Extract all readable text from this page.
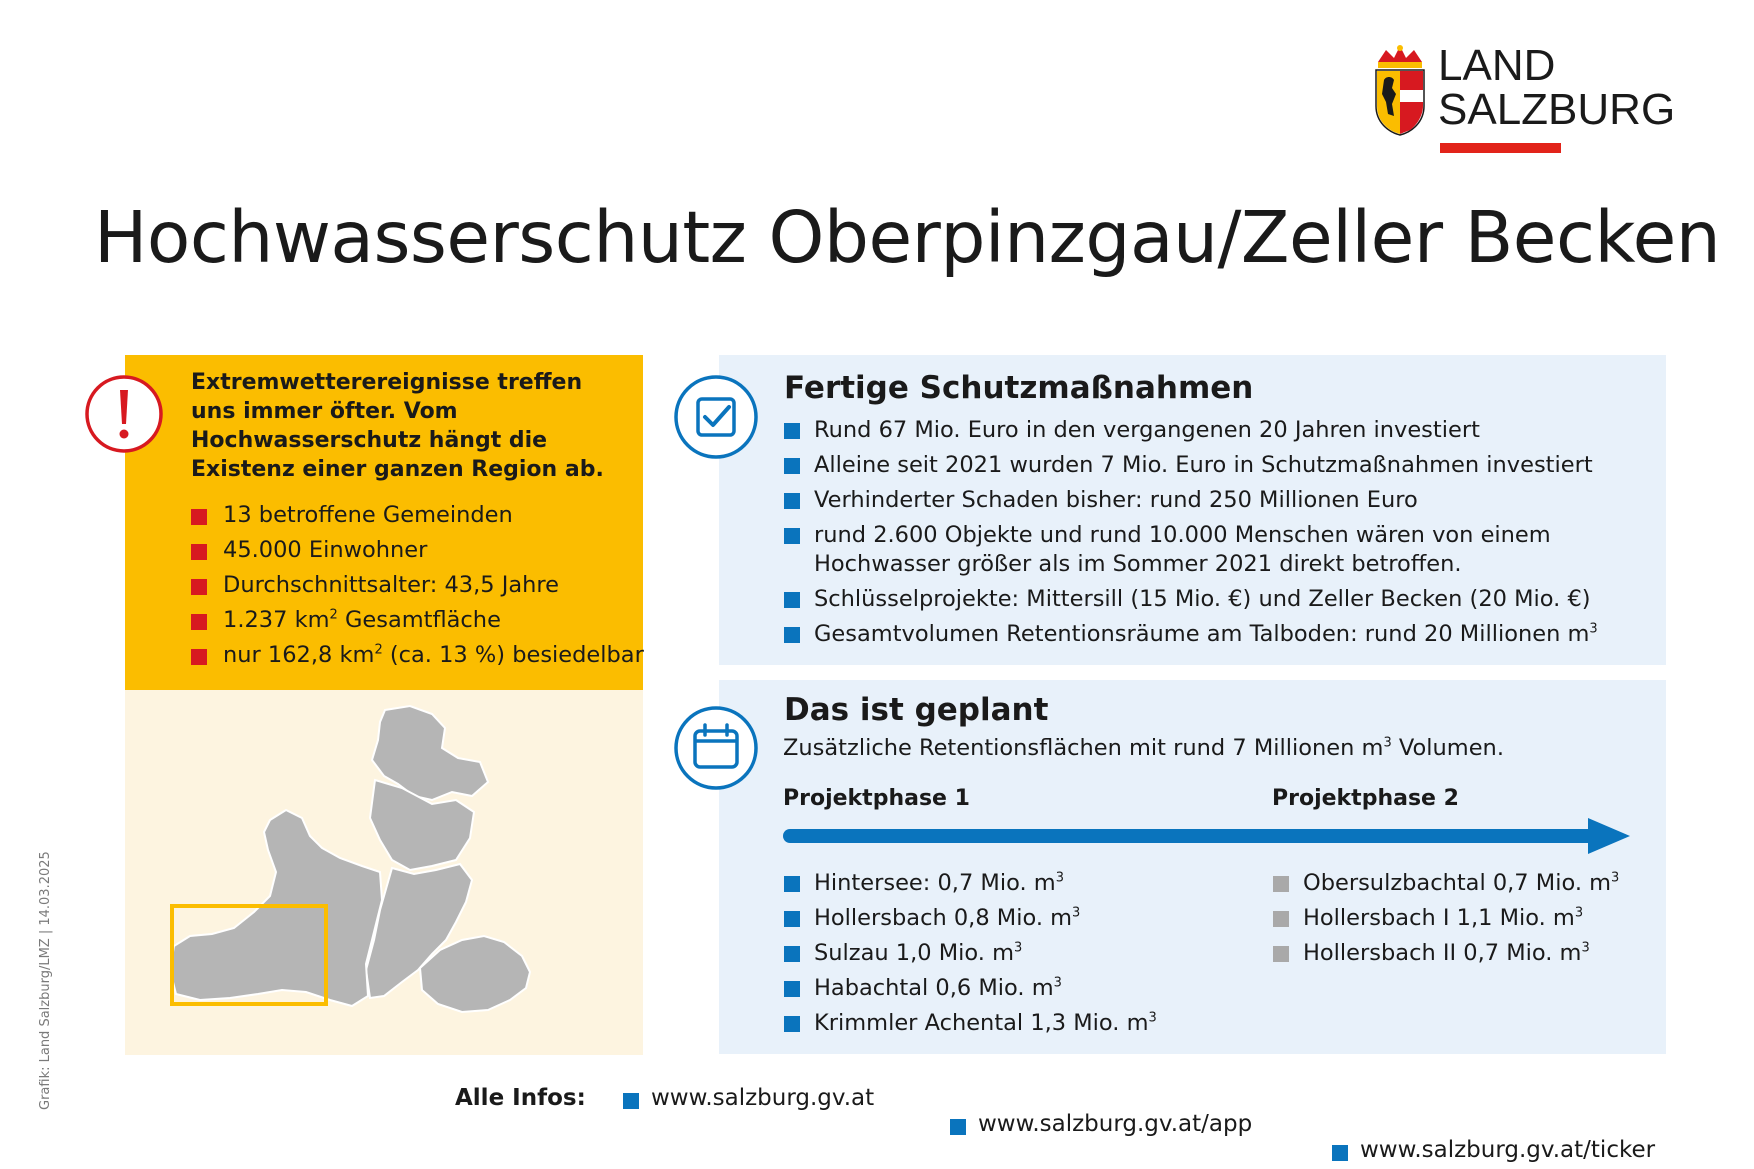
LAND
SALZBURG
Hochwasserschutz Oberpinzgau/Zeller Becken
Extremwetterereignisse treffen uns immer öfter. Vom Hochwasserschutz hängt die Existenz einer ganzen Region ab.
13 betroffene Gemeinden
45.000 Einwohner
Durchschnittsalter: 43,5 Jahre
1.237 $km^2$ Gesamtfläche
nur 162,8 $km^2$ (ca. 13 %) besiedelbar
Fertige Schutzmaßnahmen
Rund 67 Mio. Euro in den vergangenen 20 Jahren investiert
Alleine seit 2021 wurden 7 Mio. Euro in Schutzmaßnahmen investiert
Verhinderter Schaden bisher: rund 250 Millionen Euro
rund 2.600 Objekte und rund 10.000 Menschen wären von einem Hochwasser größer als im Sommer 2021 direkt betroffen.
Schlüsselprojekte: Mittersill (15 Mio. €) und Zeller Becken (20 Mio. €)
Gesamtvolumen Retentionsräume am Talboden: rund 20 Millionen $m^3$
Das ist geplant
Zusätzliche Retentionsflächen mit rund 7 Millionen $m^3$ Volumen.
Projektphase 1	Projektphase 2
Hintersee: 0,7 Mio. $m^3$
Hollersbach 0,8 Mio. $m^3$
Sulzau 1,0 Mio. $m^3$
Habachtal 0,6 Mio. $m^3$
Krimmler Achental 1,3 Mio. $m^3$
Obersulzbachtal 0,7 Mio. $m^3$
Hollersbach I 1,1 Mio. $m^3$
Hollersbach II 0,7 Mio. $m^3$
Alle Infos:	www.salzburg.gv.at
www.salzburg.gv.at/app
www.salzburg.gv.at/ticker
Grafik: Land Salzburg/LMZ | 14.03.2025
